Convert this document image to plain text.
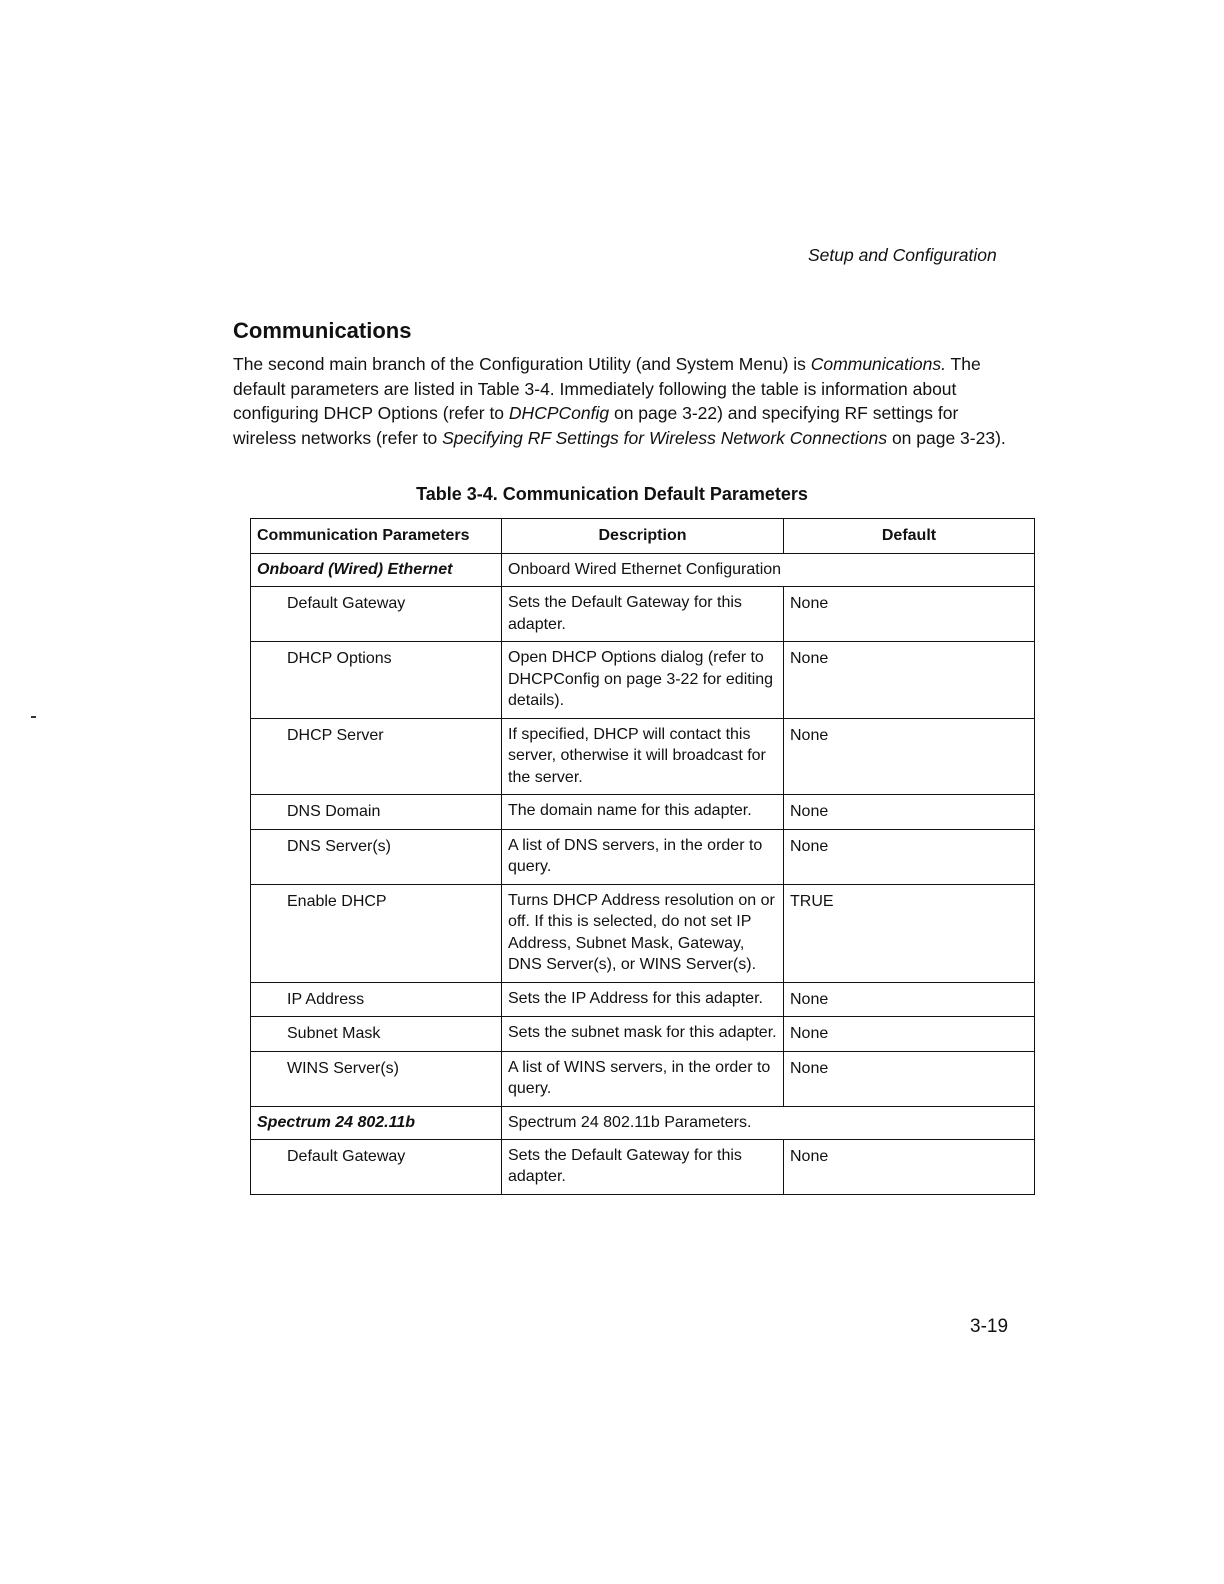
Setup and Configuration
Communications

The second main branch of the Configuration Utility (and System Menu) is Communications. The default parameters are listed in Table 3-4. Immediately following the table is information about configuring DHCP Options (refer to DHCPConfig on page 3-22) and specifying RF settings for wireless networks (refer to Specifying RF Settings for Wireless Network Connections on page 3-23).

Table 3-4. Communication Default Parameters
Communication Parameters	Description	Default
Onboard (Wired) Ethernet	Onboard Wired Ethernet Configuration	
Default Gateway	Sets the Default Gateway for this adapter.	None
DHCP Options	Open DHCP Options dialog (refer to DHCPConfig on page 3-22 for editing details).	None
DHCP Server	If specified, DHCP will contact this server, otherwise it will broadcast for the server.	None
DNS Domain	The domain name for this adapter.	None
DNS Server(s)	A list of DNS servers, in the order to query.	None
Enable DHCP	Turns DHCP Address resolution on or off. If this is selected, do not set IP Address, Subnet Mask, Gateway, DNS Server(s), or WINS Server(s).	TRUE
IP Address	Sets the IP Address for this adapter.	None
Subnet Mask	Sets the subnet mask for this adapter.	None
WINS Server(s)	A list of WINS servers, in the order to query.	None
Spectrum 24 802.11b	Spectrum 24 802.11b Parameters.	
Default Gateway	Sets the Default Gateway for this adapter.	None
3-19
